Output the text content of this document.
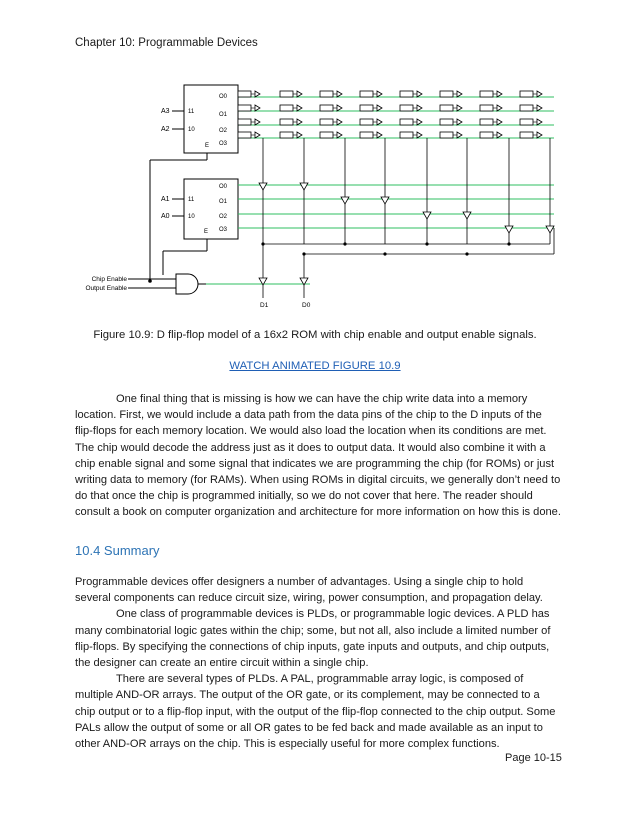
Chapter 10: Programmable Devices
A3
A2
11
10
O0
O1
O2
O3
E
A1
A0
11
10
O0
O1
O2
O3
E
Chip Enable
Output Enable
D1	D0
Figure 10.9: D flip-flop model of a 16x2 ROM with chip enable and output enable signals.
WATCH ANIMATED FIGURE 10.9

One final thing that is missing is how we can have the chip write data into a memory location. First, we would include a data path from the data pins of the chip to the D inputs of the flip-flops for each memory location. We would also load the location when its conditions are met. The chip would decode the address just as it does to output data. It would also combine it with a chip enable signal and some signal that indicates we are programming the chip (for ROMs) or just writing data to memory (for RAMs). When using ROMs in digital circuits, we generally don’t need to do that once the chip is programmed initially, so we do not cover that here. The reader should consult a book on computer organization and architecture for more information on how this is done.

10.4 Summary

Programmable devices offer designers a number of advantages. Using a single chip to hold several components can reduce circuit size, wiring, power consumption, and propagation delay.

One class of programmable devices is PLDs, or programmable logic devices. A PLD has many combinatorial logic gates within the chip; some, but not all, also include a limited number of flip-flops. By specifying the connections of chip inputs, gate inputs and outputs, and chip outputs, the designer can create an entire circuit within a single chip.

There are several types of PLDs. A PAL, programmable array logic, is composed of multiple AND-OR arrays. The output of the OR gate, or its complement, may be connected to a chip output or to a flip-flop input, with the output of the flip-flop connected to the chip output. Some PALs allow the output of some or all OR gates to be fed back and made available as an input to other AND-OR arrays on the chip. This is especially useful for more complex functions.

Page 10-15
